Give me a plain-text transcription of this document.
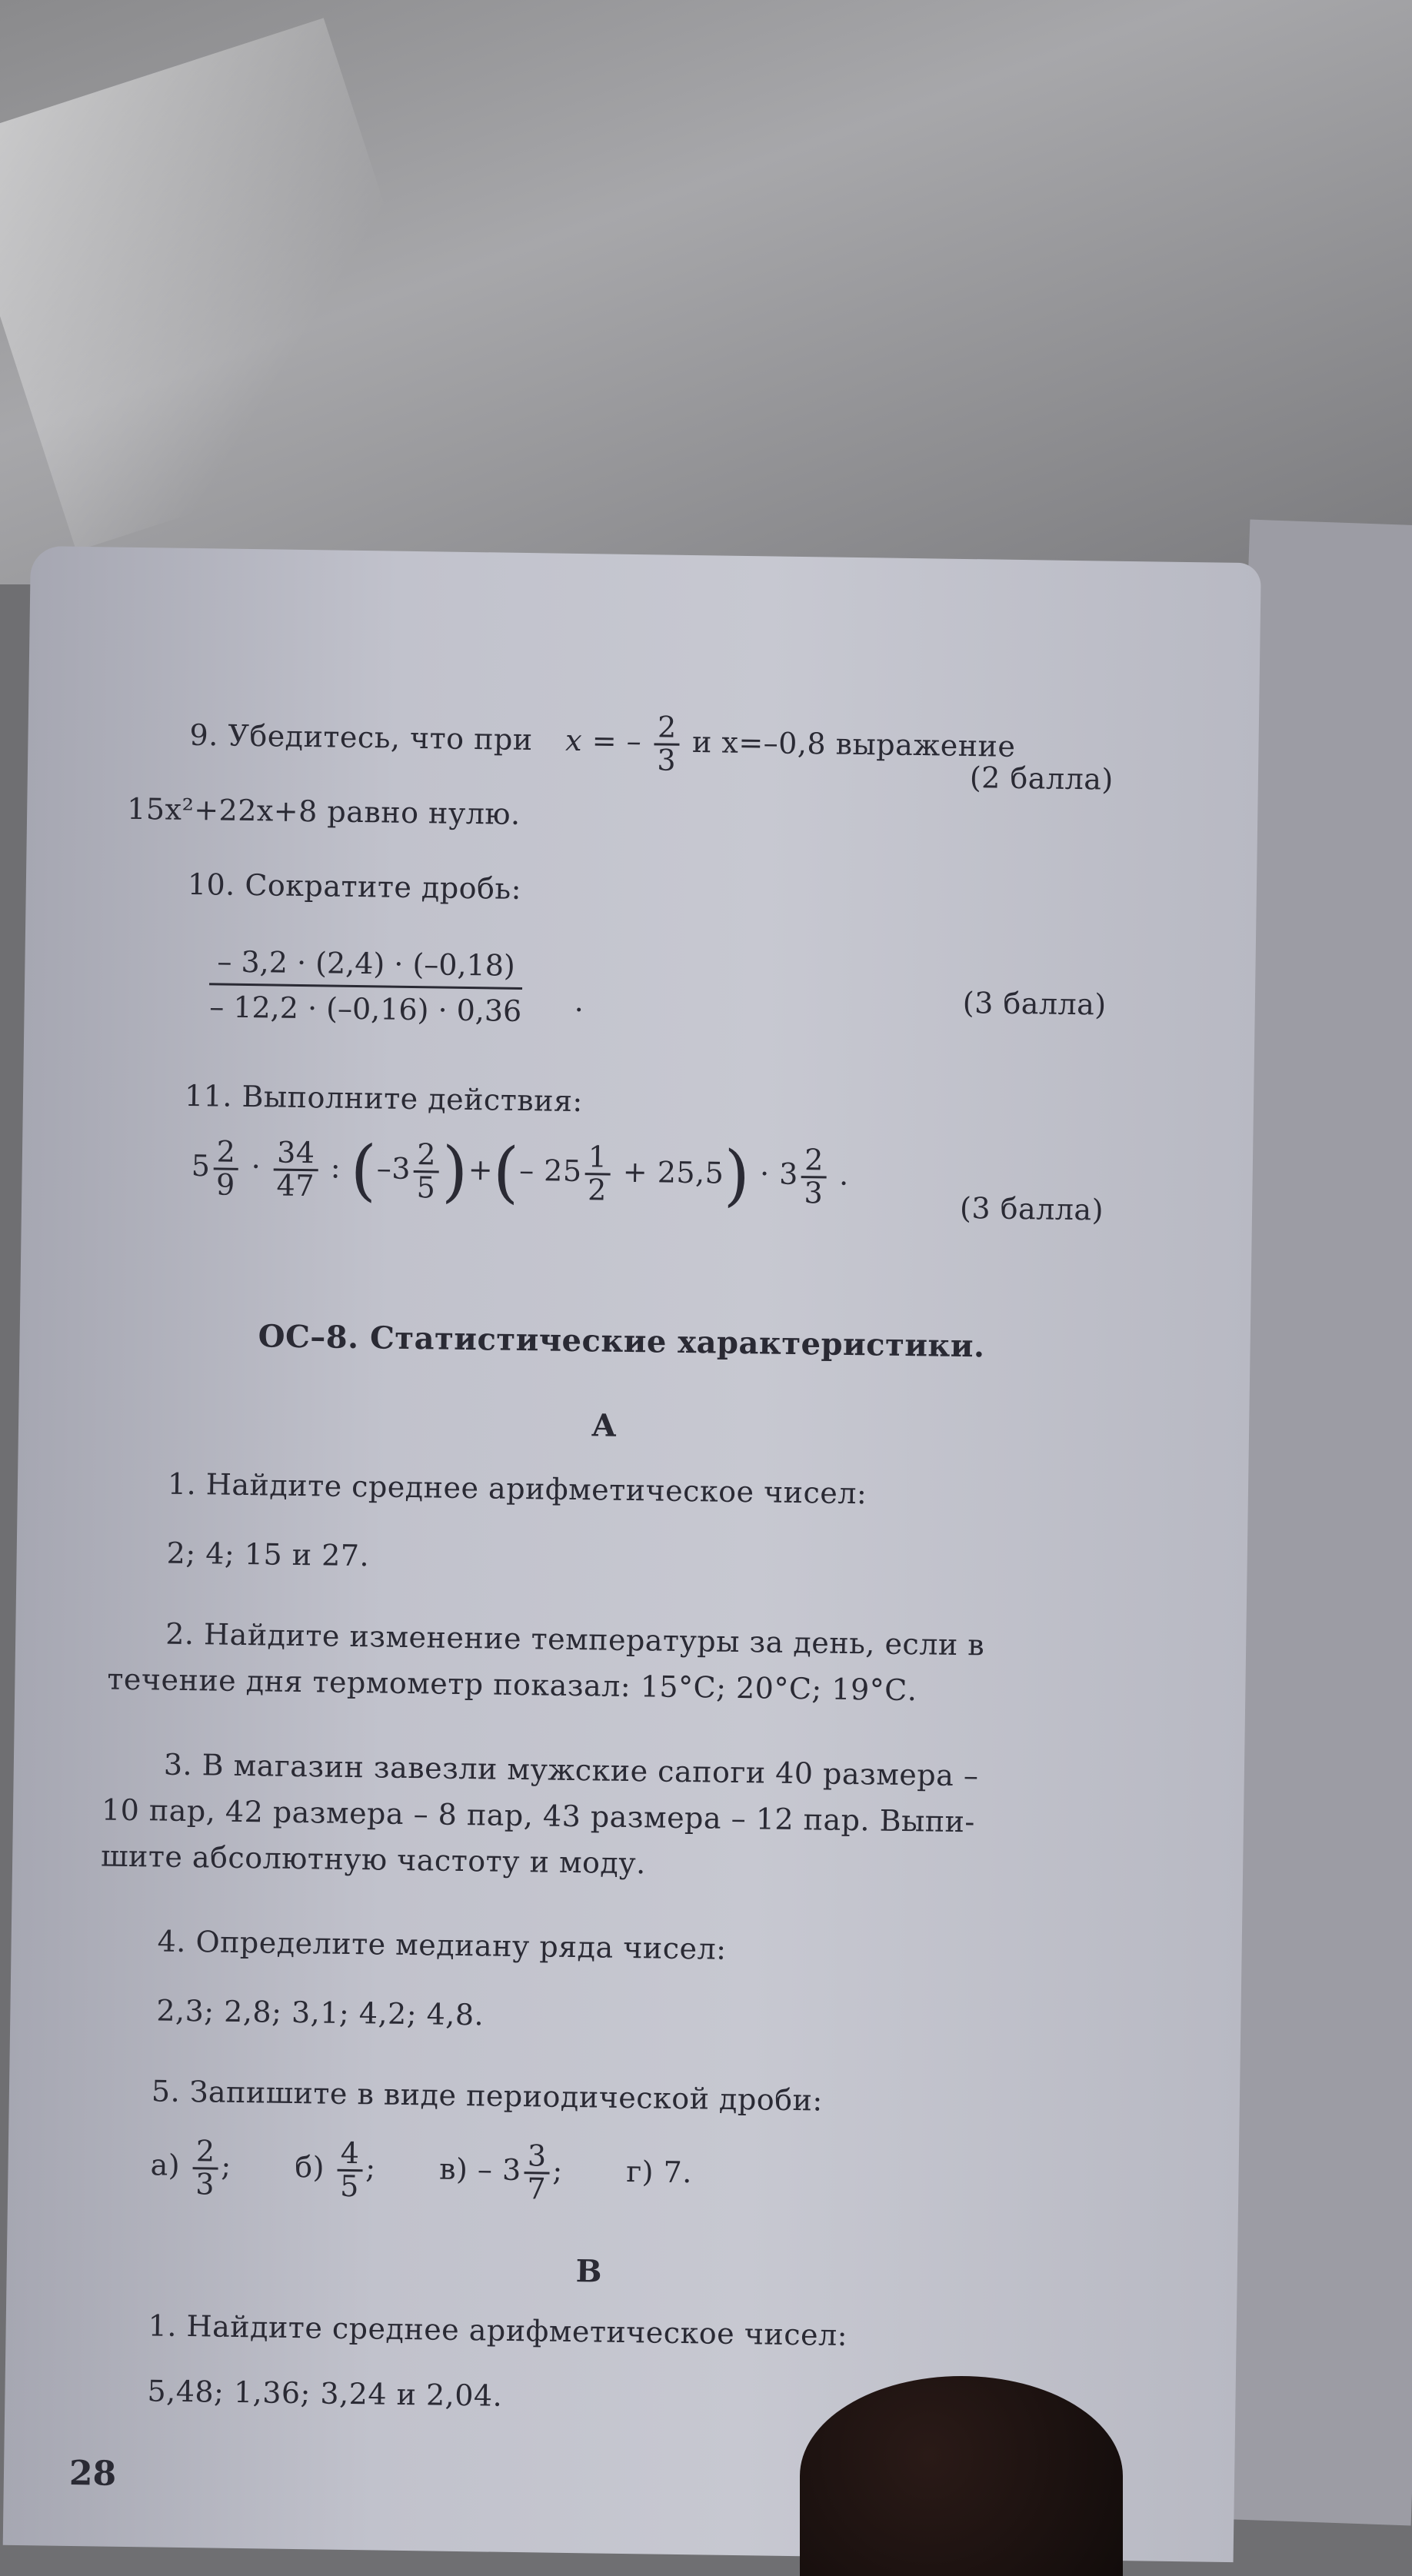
9. Убедитесь, что при x = – $\frac{2}{3}$ и x=–0,8 выражение
15x²+22x+8 равно нулю.
(2 балла)
10. Сократите дробь:
$\frac{- 3,2 \cdot (2,4) \cdot (-0,18)}{- 12,2 \cdot (-0,16) \cdot 0,36}$ .	(3 балла)
11. Выполните действия:
$5 \frac{2}{9} \cdot \frac{34}{47}$ : ($-3 \frac{2}{5}$ )+(– $25 \frac{1}{2} + 25,5) \cdot 3 \frac{2}{3}$ .
(3 балла)
ОС–8. Статистические характеристики.
А
1. Найдите среднее арифметическое чисел:
2; 4; 15 и 27.
2. Найдите изменение температуры за день, если в
течение дня термометр показал: 15°С; 20°С; 19°С.
3. В магазин завезли мужские сапоги 40 размера –
10 пар, 42 размера – 8 пар, 43 размера – 12 пар. Выпи-
шите абсолютную частоту и моду.
4. Определите медиану ряда чисел:
2,3; 2,8; 3,1; 4,2; 4,8.
5. Запишите в виде периодической дроби:
$а) \frac{2}{3}$ ; $б) \frac{4}{5}$ ; $в) - 3 \frac{3}{7}$ ; г) 7.
В
1. Найдите среднее арифметическое чисел:
5,48; 1,36; 3,24 и 2,04.
28
